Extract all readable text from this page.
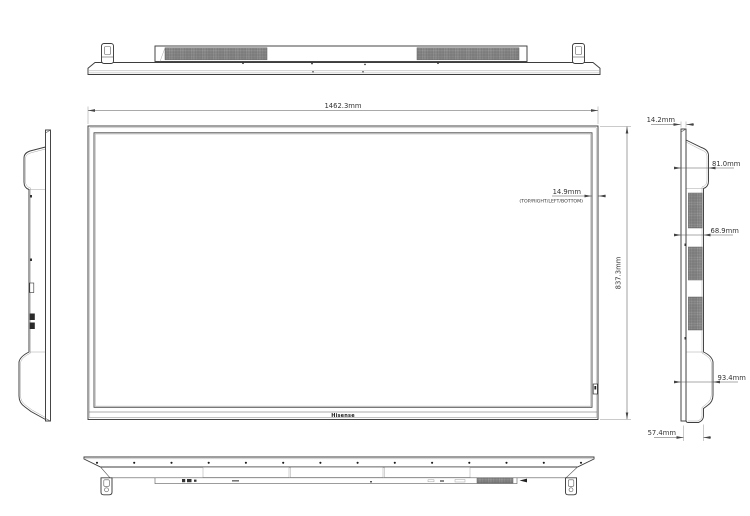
Hisense
1462.3mm
837.3mm
14.9mm
(TOP/RIGHT/LEFT/BOTTOM)
14.2mm
81.0mm
68.9mm
93.4mm
57.4mm
